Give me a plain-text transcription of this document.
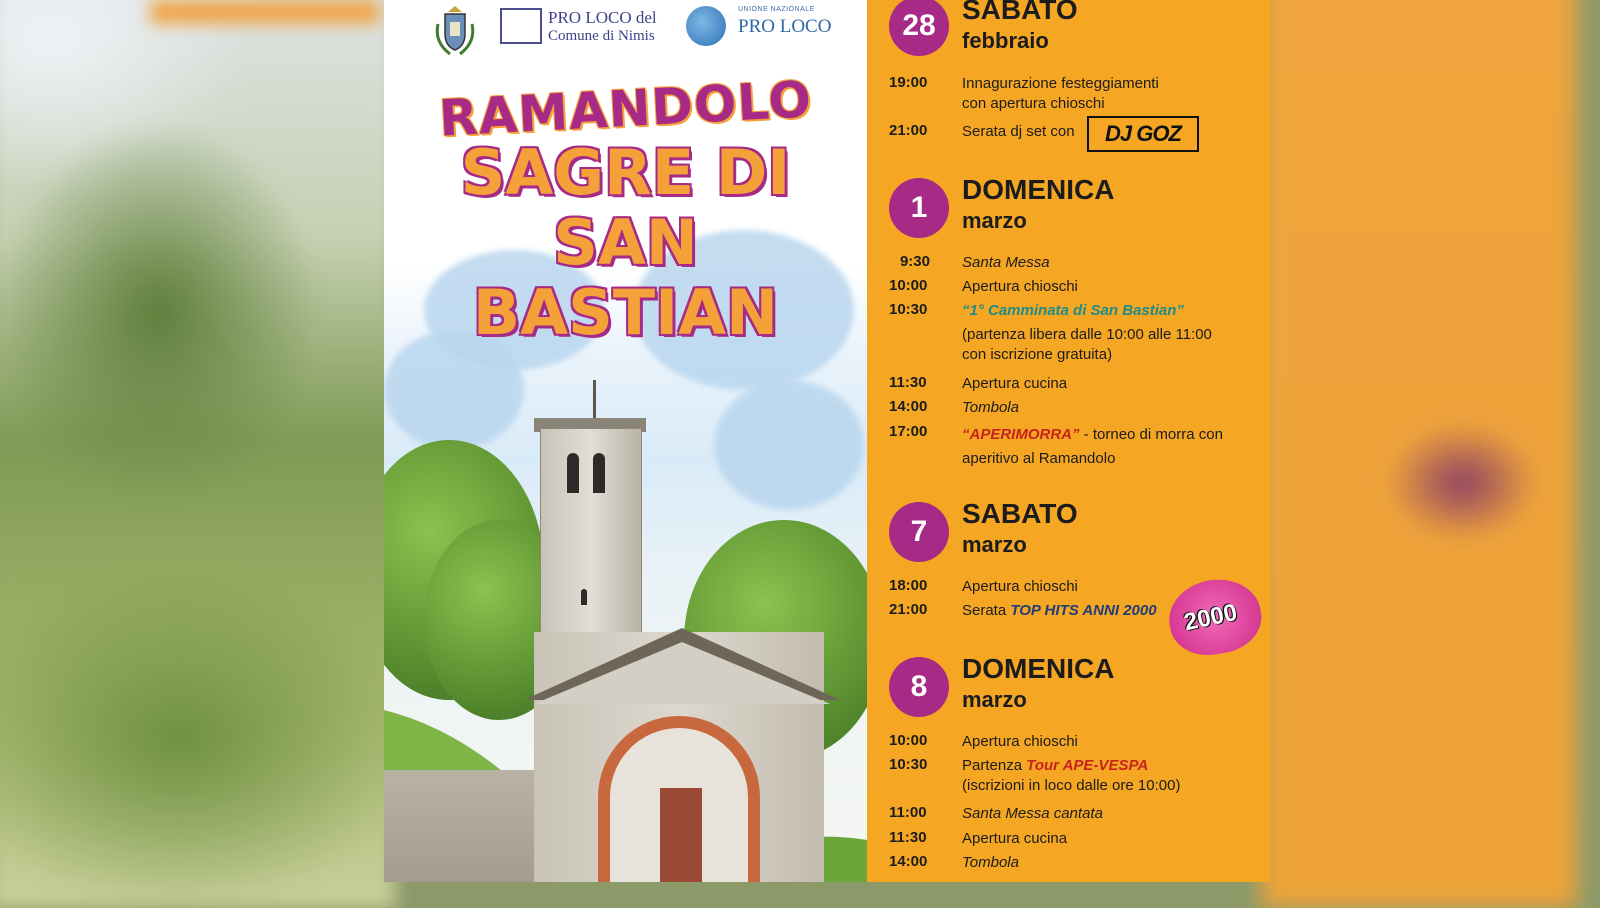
PRO LOCO del
Comune di Nimis
UNIONE NAZIONALE
PRO LOCO
RAMANDOLO
SAGRE DI
SAN
BASTIAN
28 SABATO
febbraio
19:00	Innagurazione festeggiamenti
con apertura chioschi
21:00	Serata dj set con	DJ GOZ
1
DOMENICA
marzo
9:30 Santa Messa
10:00	Apertura chioschi
10:30	“1° Camminata di San Bastian”

(partenza libera dalle 10:00 alle 11:00
con iscrizione gratuita)
11:30	Apertura cucina
14:00	Tombola
17:00	“APERIMORRA” - torneo di morra con
aperitivo al Ramandolo
7
SABATO
marzo
18:00	Apertura chioschi
2000
21:00	Serata TOP HITS ANNI 2000
8
DOMENICA
marzo
10:00	Apertura chioschi
10:30	Partenza Tour APE-VESPA
(iscrizioni in loco dalle ore 10:00)
11:00	Santa Messa cantata
11:30	Apertura cucina
14:00	Tombola
